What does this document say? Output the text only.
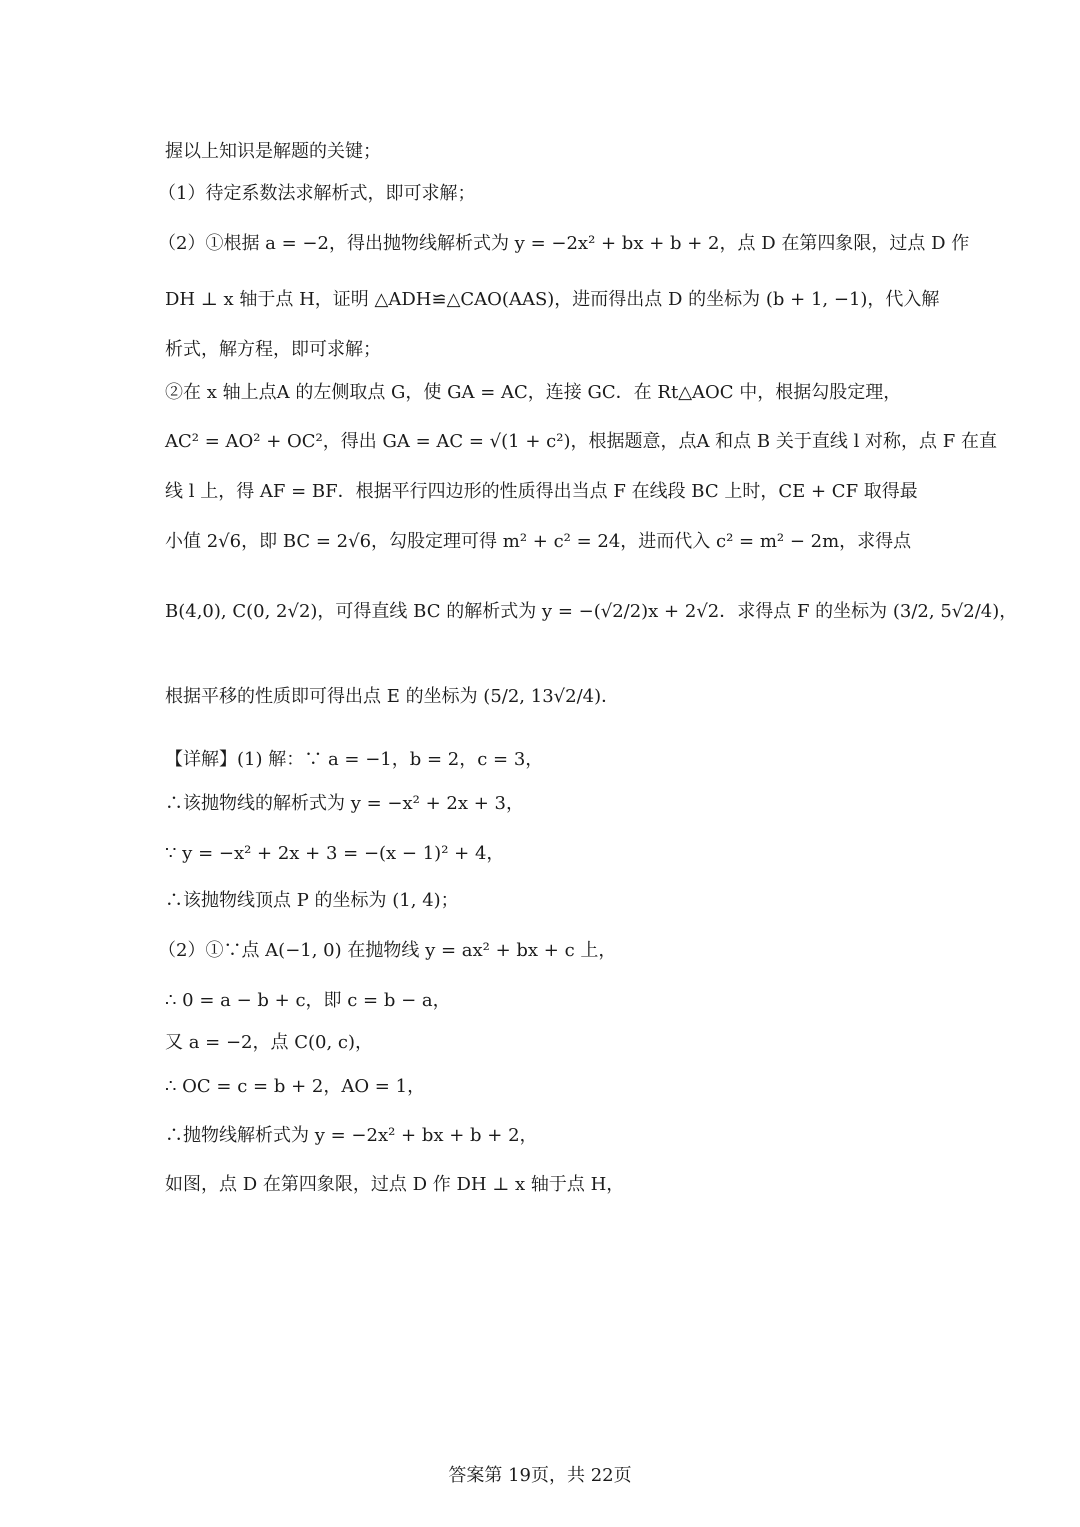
握以上知识是解题的关键；
（1）待定系数法求解析式，即可求解；
（2）①根据 a = −2，得出抛物线解析式为 y = −2x² + bx + b + 2，点 D 在第四象限，过点 D 作
DH ⊥ x 轴于点 H，证明 △ADH≌△CAO(AAS)，进而得出点 D 的坐标为 (b + 1, −1)，代入解
析式，解方程，即可求解；
②在 x 轴上点A 的左侧取点 G，使 GA = AC，连接 GC．在 Rt△AOC 中，根据勾股定理，
AC² = AO² + OC²，得出 GA = AC = √(1 + c²)，根据题意，点A 和点 B 关于直线 l 对称，点 F 在直
线 l 上，得 AF = BF．根据平行四边形的性质得出当点 F 在线段 BC 上时，CE + CF 取得最
小值 2√6，即 BC = 2√6，勾股定理可得 m² + c² = 24，进而代入 c² = m² − 2m，求得点
B(4,0), C(0, 2√2)，可得直线 BC 的解析式为 y = −(√2/2)x + 2√2．求得点 F 的坐标为 (3/2, 5√2/4)，
根据平移的性质即可得出点 E 的坐标为 (5/2, 13√2/4)．
【详解】(1) 解：∵ a = −1，b = 2，c = 3，
∴该抛物线的解析式为 y = −x² + 2x + 3，
∵ y = −x² + 2x + 3 = −(x − 1)² + 4，
∴该抛物线顶点 P 的坐标为 (1, 4)；
（2）①∵点 A(−1, 0) 在抛物线 y = ax² + bx + c 上，
∴ 0 = a − b + c，即 c = b − a，
又 a = −2，点 C(0, c)，
∴ OC = c = b + 2，AO = 1，
∴抛物线解析式为 y = −2x² + bx + b + 2，
如图，点 D 在第四象限，过点 D 作 DH ⊥ x 轴于点 H，
答案第 19页，共 22页
